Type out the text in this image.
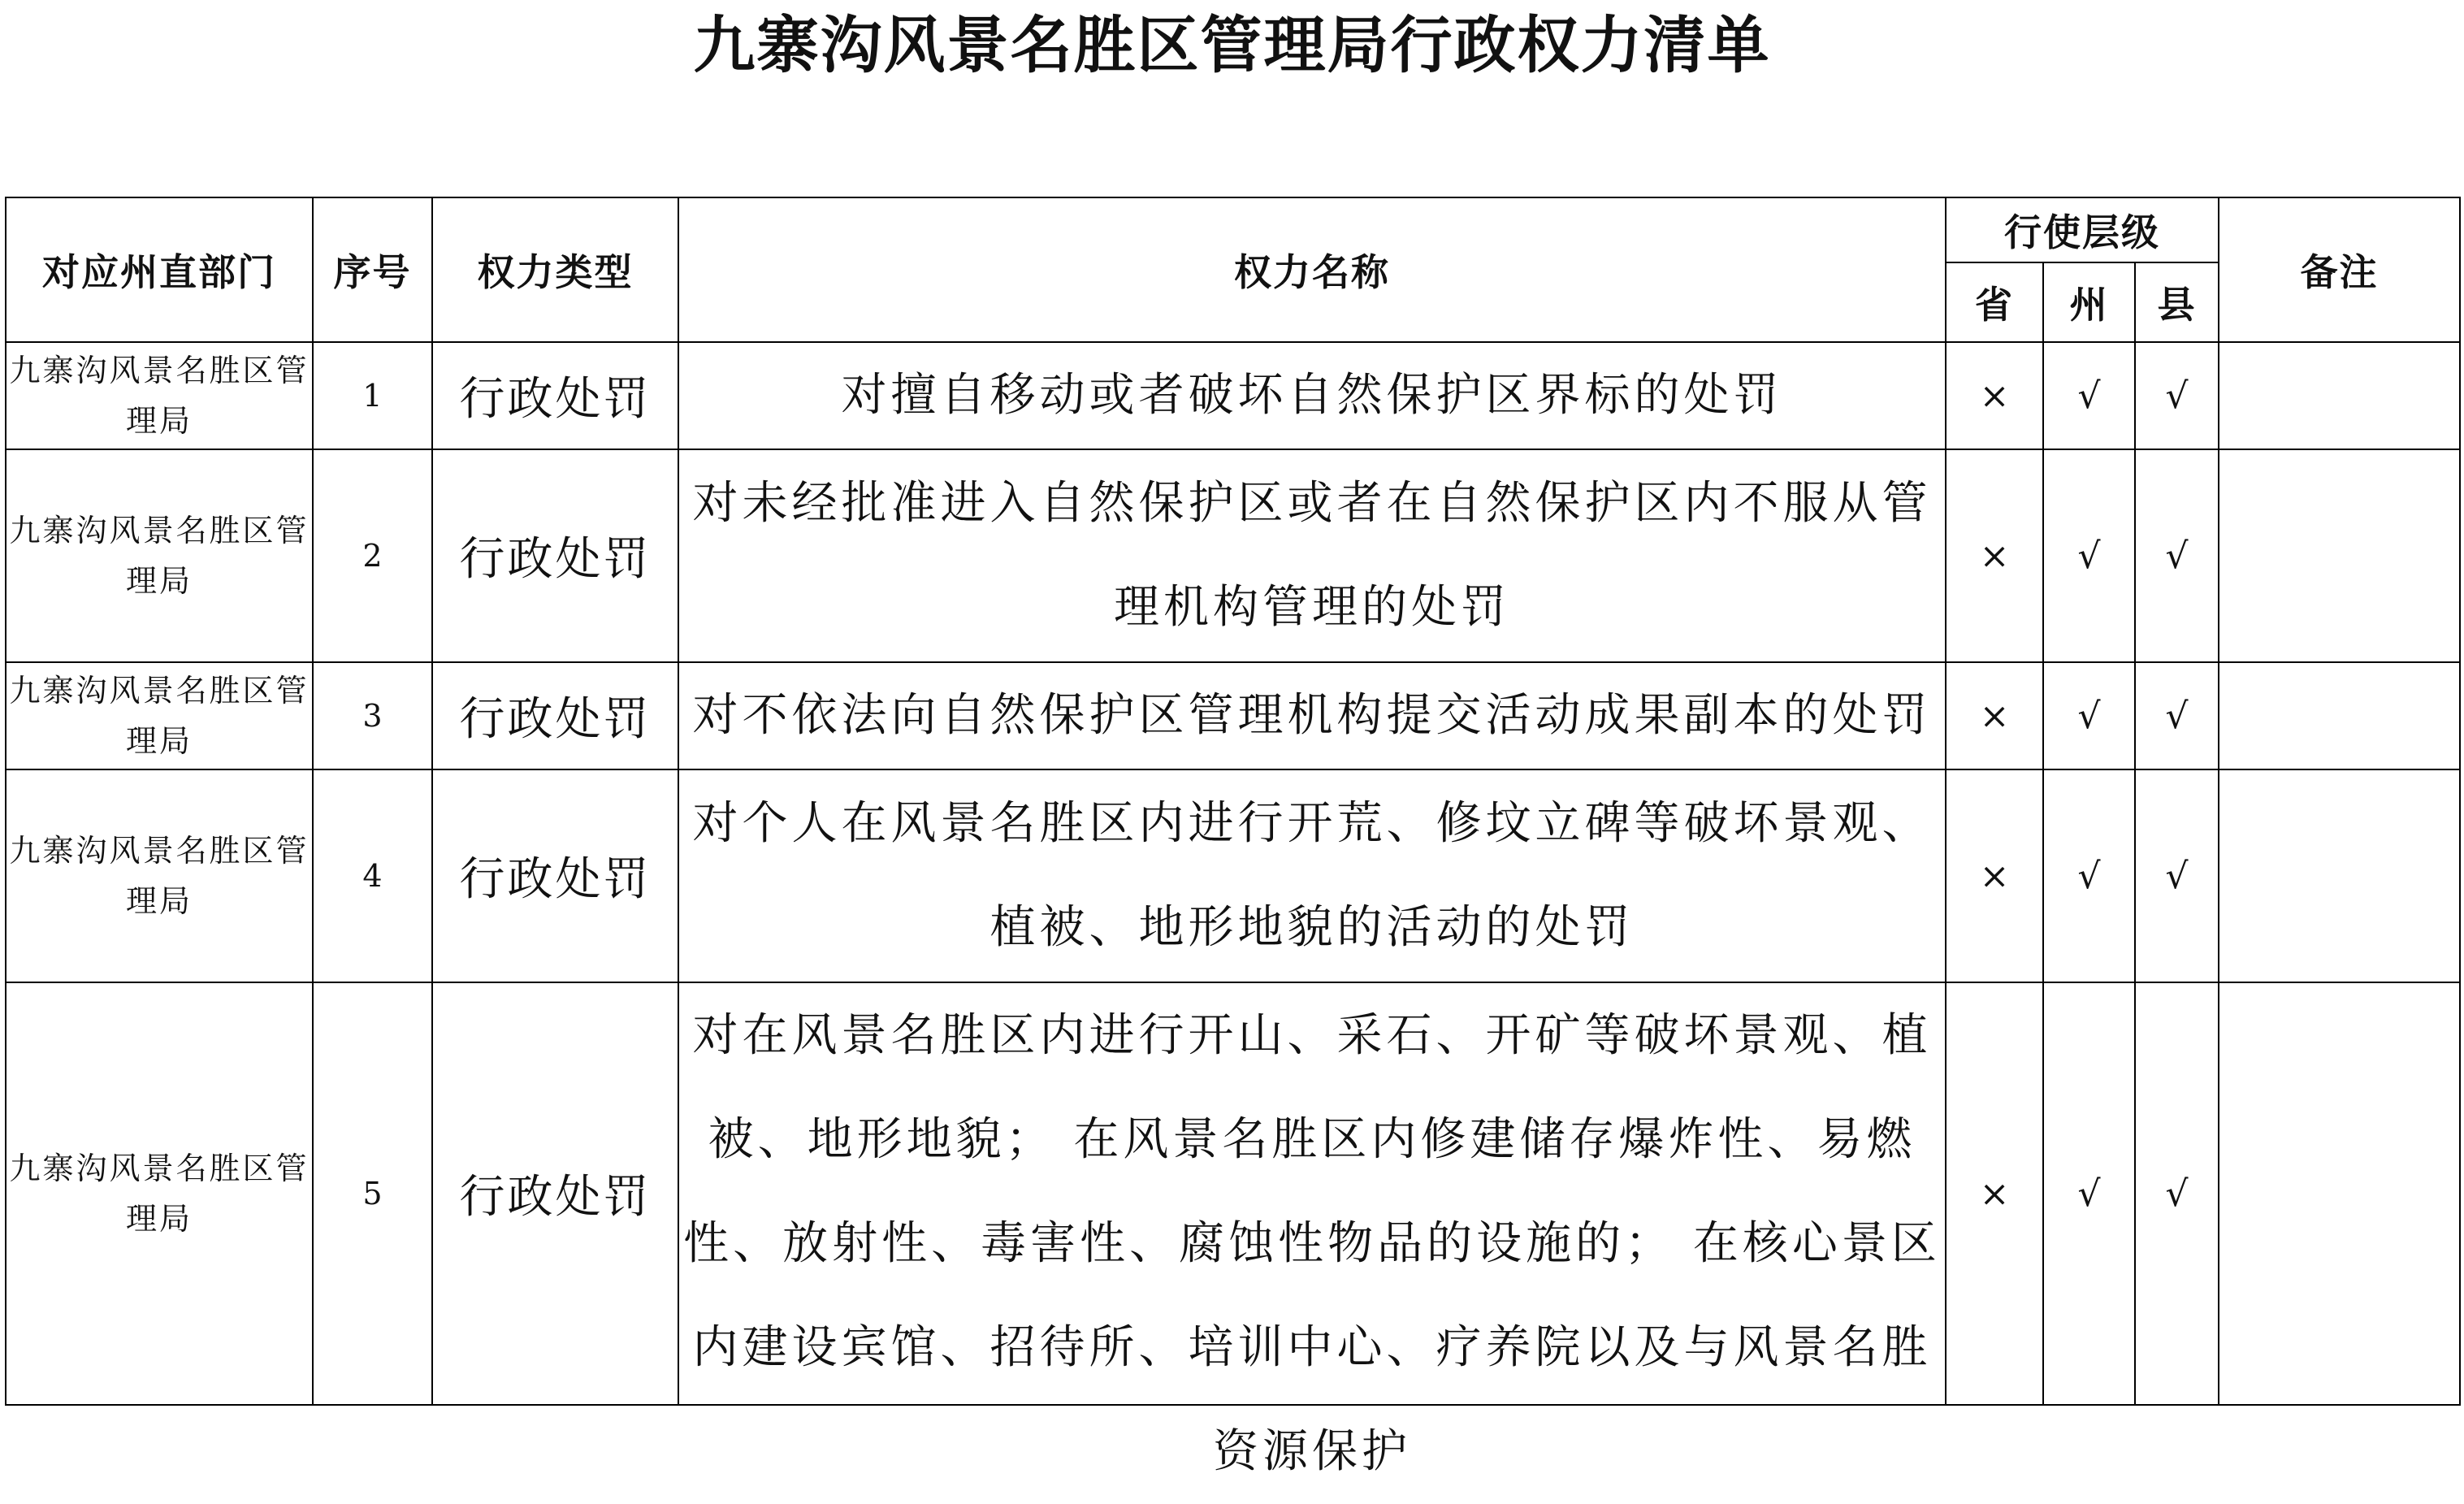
九寨沟风景名胜区管理局行政权力清单
对应州直部门	序号	权力类型	权力名称	行使层级			备注
				省	州	县	
九寨沟风景名胜区管理局	1	行政处罚	对擅自移动或者破坏自然保护区界标的处罚	×	√	√	
九寨沟风景名胜区管理局	2	行政处罚	对未经批准进入自然保护区或者在自然保护区内不服从管理机构管理的处罚	×	√	√	
九寨沟风景名胜区管理局	3	行政处罚	对不依法向自然保护区管理机构提交活动成果副本的处罚	×	√	√	
九寨沟风景名胜区管理局	4	行政处罚	对个人在风景名胜区内进行开荒、修坟立碑等破坏景观、植被、地形地貌的活动的处罚	×	√	√	
九寨沟风景名胜区管理局	5	行政处罚	对在风景名胜区内进行开山、采石、开矿等破坏景观、植被、地形地貌； 在风景名胜区内修建储存爆炸性、易燃性、放射性、毒害性、腐蚀性物品的设施的； 在核心景区内建设宾馆、招待所、培训中心、疗养院以及与风景名胜资源保护	×	√	√	
